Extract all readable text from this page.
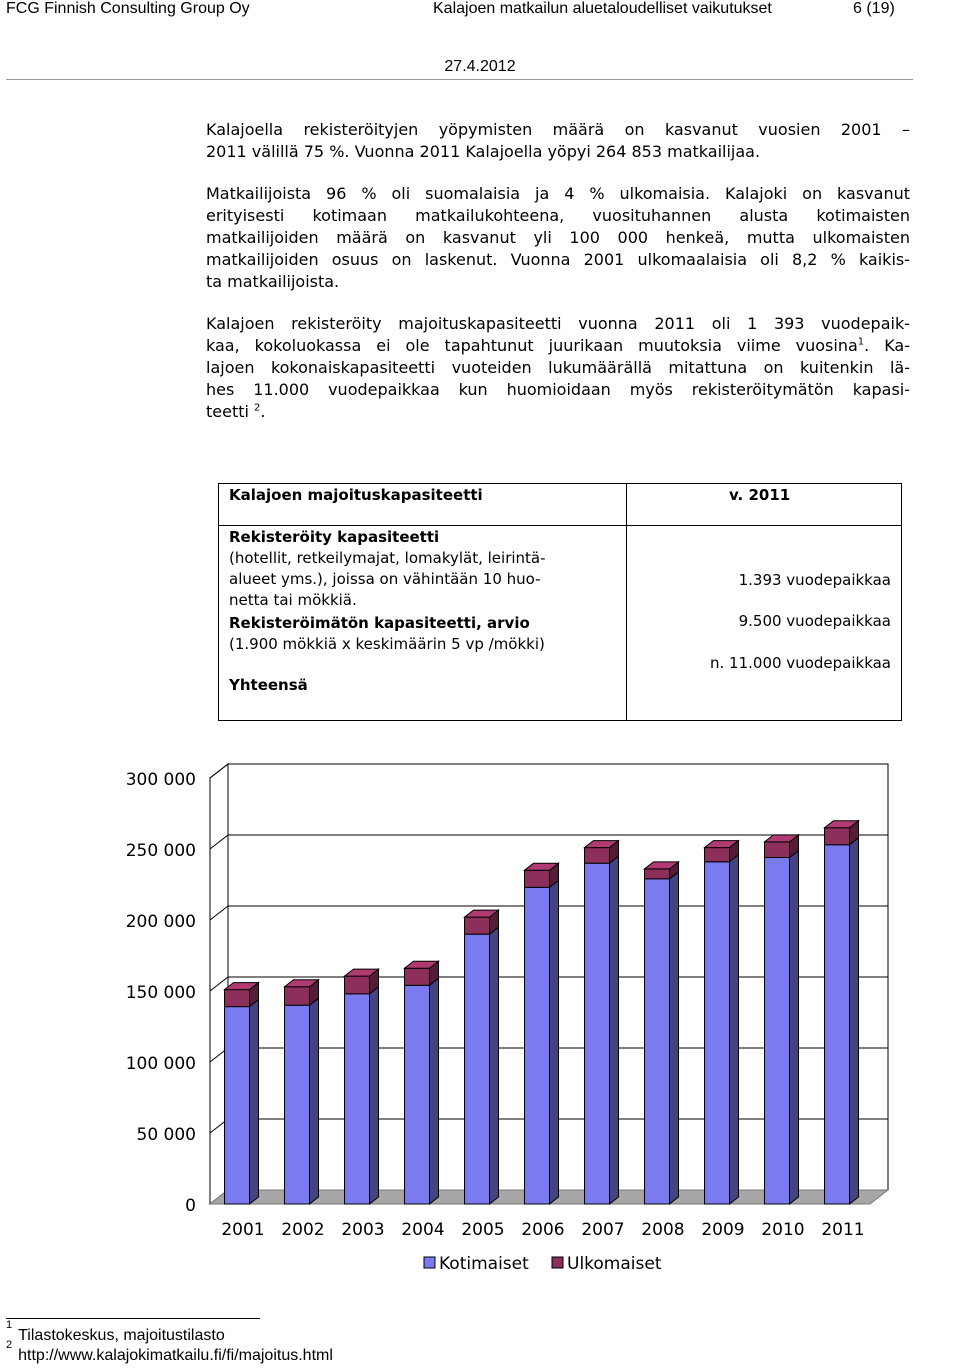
FCG Finnish Consulting Group Oy	Kalajoen matkailun aluetaloudelliset vaikutukset	6 (19)
27.4.2012
Kalajoella rekisteröityjen yöpymisten määrä on kasvanut vuosien 2001 –
2011 välillä 75 %. Vuonna 2011 Kalajoella yöpyi 264 853 matkailijaa.
Matkailijoista 96 % oli suomalaisia ja 4 % ulkomaisia. Kalajoki on kasvanut
erityisesti kotimaan matkailukohteena, vuosituhannen alusta kotimaisten
matkailijoiden määrä on kasvanut yli 100 000 henkeä, mutta ulkomaisten
matkailijoiden osuus on laskenut. Vuonna 2001 ulkomaalaisia oli 8,2 % kaikis-
ta matkailijoista.
Kalajoen rekisteröity majoituskapasiteetti vuonna 2011 oli 1 393 vuodepaik-
kaa, kokoluokassa ei ole tapahtunut juurikaan muutoksia viime vuosina$^1$. Ka-
lajoen kokonaiskapasiteetti vuoteiden lukumäärällä mitattuna on kuitenkin lä-
hes 11.000 vuodepaikkaa kun huomioidaan myös rekisteröitymätön kapasi-
teetti $^2$.
Kalajoen majoituskapasiteetti	v. 2011
Rekisteröity kapasiteetti
(hotellit, retkeilymajat, lomakylät, leirintä-
alueet yms.), joissa on vähintään 10 huo-
netta tai mökkiä.
1.393 vuodepaikkaa
Rekisteröimätön kapasiteetti, arvio
(1.900 mökkiä x keskimäärin 5 vp /mökki)
9.500 vuodepaikkaa
Yhteensä
n. 11.000 vuodepaikkaa
300 000
250 000
200 000
150 000
100 000
50 000
0
2001 2002 2003 2004 2005 2006 2007 2008 2009 2010 2011
Kotimaiset Ulkomaiset
$^1$Tilastokeskus, majoitustilasto
$^2$http://www.kalajokimatkailu.fi/fi/majoitus.html
